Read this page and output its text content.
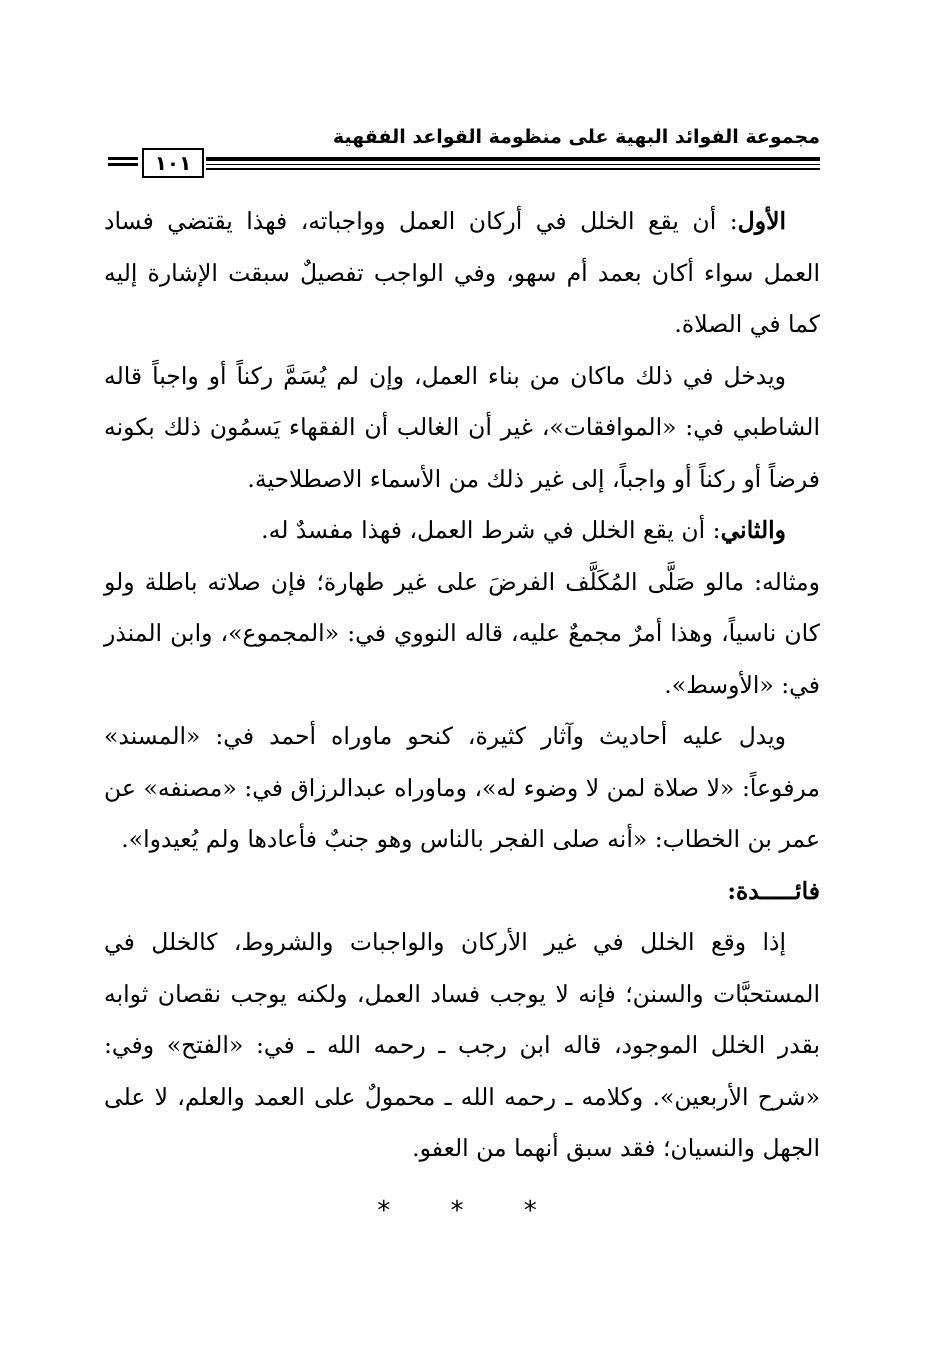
مجموعة الفوائد البهية على منظومة القواعد الفقهية
١٠١

الأول: أن يقع الخلل في أركان العمل وواجباته، فهذا يقتضي فساد العمل سواء أكان بعمد أم سهو، وفي الواجب تفصيلٌ سبقت الإشارة إليه كما في الصلاة.

ويدخل في ذلك ماكان من بناء العمل، وإن لم يُسَمَّ ركناً أو واجباً قاله الشاطبي في: «الموافقات»، غير أن الغالب أن الفقهاء يَسمُون ذلك بكونه فرضاً أو ركناً أو واجباً، إلى غير ذلك من الأسماء الاصطلاحية.

والثاني: أن يقع الخلل في شرط العمل، فهذا مفسدٌ له.

ومثاله: مالو صَلَّى المُكَلَّف الفرضَ على غير طهارة؛ فإن صلاته باطلة ولو كان ناسياً، وهذا أمرٌ مجمعٌ عليه، قاله النووي في: «المجموع»، وابن المنذر في: «الأوسط».

ويدل عليه أحاديث وآثار كثيرة، كنحو ماوراه أحمد في: «المسند» مرفوعاً: «لا صلاة لمن لا وضوء له»، وماوراه عبدالرزاق في: «مصنفه» عن عمر بن الخطاب: «أنه صلى الفجر بالناس وهو جنبٌ فأعادها ولم يُعيدوا».

فائـــــدة:

إذا وقع الخلل في غير الأركان والواجبات والشروط، كالخلل في المستحبَّات والسنن؛ فإنه لا يوجب فساد العمل، ولكنه يوجب نقصان ثوابه بقدر الخلل الموجود، قاله ابن رجب ـ رحمه الله ـ في: «الفتح» وفي: «شرح الأربعين». وكلامه ـ رحمه الله ـ محمولٌ على العمد والعلم، لا على الجهل والنسيان؛ فقد سبق أنهما من العفو.

* * *
